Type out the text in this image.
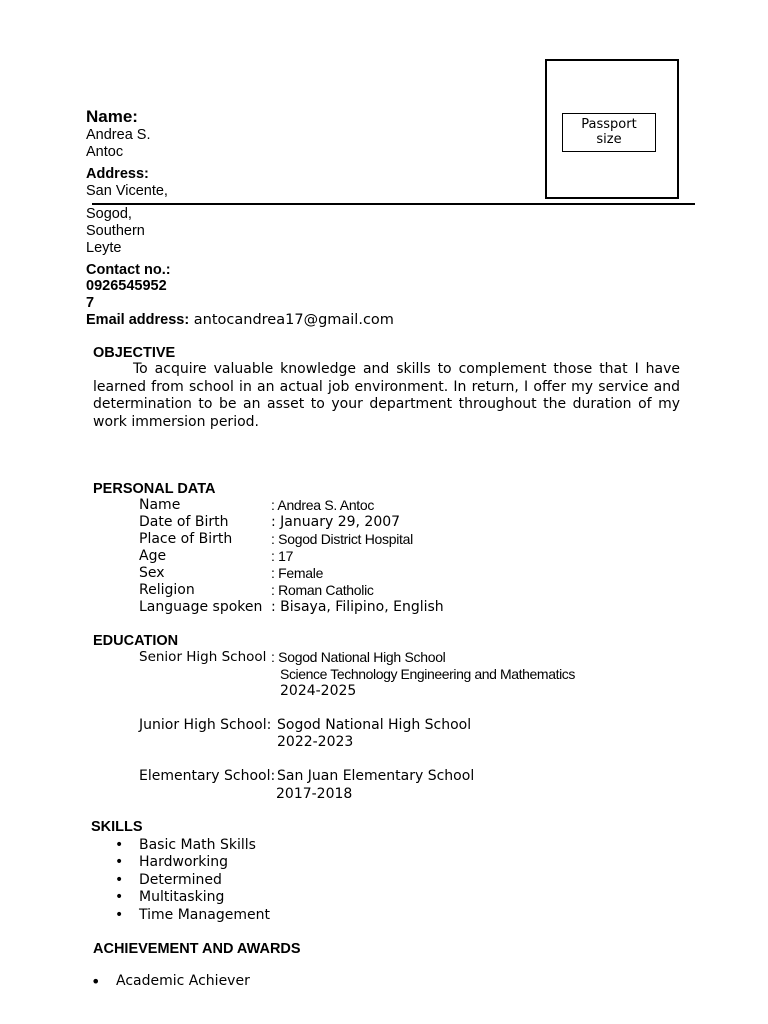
Passport
size
Name:
Andrea S.
Antoc
Address:
San Vicente,
Sogod,
Southern
Leyte
Contact no.:
0926545952
7
Email address: antocandrea17@gmail.com
OBJECTIVE
To acquire valuable knowledge and skills to complement those that I have learned from school in an actual job environment. In return, I offer my service and determination to be an asset to your department throughout the duration of my work immersion period.
PERSONAL DATA
Name	: Andrea S. Antoc
Date of Birth	: January 29, 2007
Place of Birth	: Sogod District Hospital
Age	: 17
Sex	: Female
Religion	: Roman Catholic
Language spoken : Bisaya, Filipino, English
EDUCATION
Senior High School : Sogod National High School
Science Technology Engineering and Mathematics
2024-2025
Junior High School: Sogod National High School
2022-2023
Elementary School: San Juan Elementary School
2017-2018
SKILLS
• Basic Math Skills
• Hardworking
• Determined
• Multitasking
• Time Management
ACHIEVEMENT AND AWARDS
• Academic Achiever
